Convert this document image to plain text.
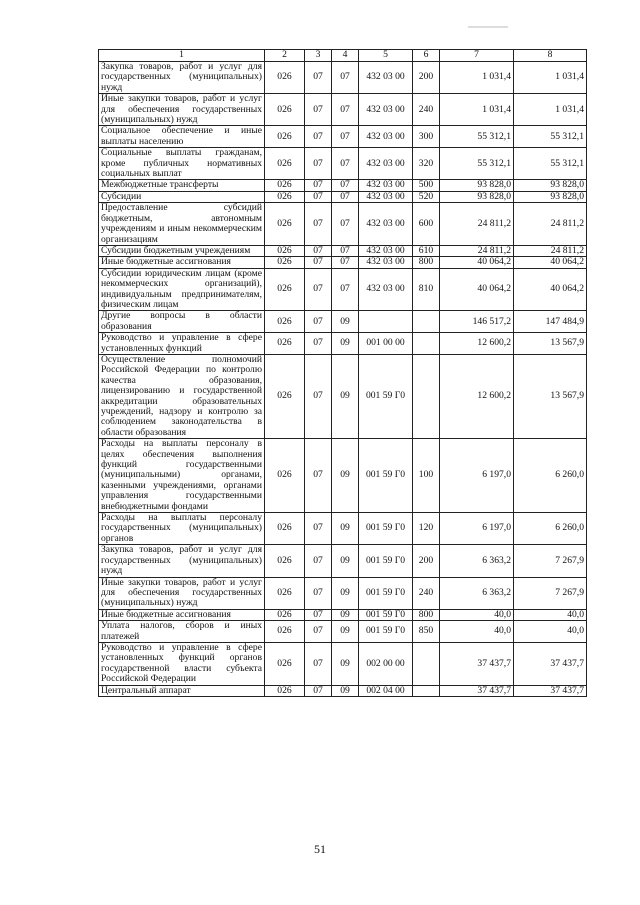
1	2	3	4	5	6	7	8
Закупка товаров, работ и услуг для государственных (муниципальных) нужд	026	07	07	432 03 00	200	1 031,4	1 031,4
Иные закупки товаров, работ и услуг для обеспечения государственных (муниципальных) нужд	026	07	07	432 03 00	240	1 031,4	1 031,4
Социальное обеспечение и иные выплаты населению	026	07	07	432 03 00	300	55 312,1	55 312,1
Социальные выплаты гражданам, кроме публичных нормативных социальных выплат	026	07	07	432 03 00	320	55 312,1	55 312,1
Межбюджетные трансферты	026	07	07	432 03 00	500	93 828,0	93 828,0
Субсидии	026	07	07	432 03 00	520	93 828,0	93 828,0
Предоставление субсидий бюджетным, автономным учреждениям и иным некоммерческим организациям	026	07	07	432 03 00	600	24 811,2	24 811,2
Субсидии бюджетным учреждениям	026	07	07	432 03 00	610	24 811,2	24 811,2
Иные бюджетные ассигнования	026	07	07	432 03 00	800	40 064,2	40 064,2
Субсидии юридическим лицам (кроме некоммерческих организаций), индивидуальным предпринимателям, физическим лицам	026	07	07	432 03 00	810	40 064,2	40 064,2
Другие вопросы в области образования	026	07	09			146 517,2	147 484,9
Руководство и управление в сфере установленных функций	026	07	09	001 00 00		12 600,2	13 567,9
Осуществление полномочий Российской Федерации по контролю качества образования, лицензированию и государственной аккредитации образовательных учреждений, надзору и контролю за соблюдением законодательства в области образования	026	07	09	001 59 Г0		12 600,2	13 567,9
Расходы на выплаты персоналу в целях обеспечения выполнения функций государственными (муниципальными) органами, казенными учреждениями, органами управления государственными внебюджетными фондами	026	07	09	001 59 Г0	100	6 197,0	6 260,0
Расходы на выплаты персоналу государственных (муниципальных) органов	026	07	09	001 59 Г0	120	6 197,0	6 260,0
Закупка товаров, работ и услуг для государственных (муниципальных) нужд	026	07	09	001 59 Г0	200	6 363,2	7 267,9
Иные закупки товаров, работ и услуг для обеспечения государственных (муниципальных) нужд	026	07	09	001 59 Г0	240	6 363,2	7 267,9
Иные бюджетные ассигнования	026	07	09	001 59 Г0	800	40,0	40,0
Уплата налогов, сборов и иных платежей	026	07	09	001 59 Г0	850	40,0	40,0
Руководство и управление в сфере установленных функций органов государственной власти субъекта Российской Федерации	026	07	09	002 00 00		37 437,7	37 437,7
Центральный аппарат	026	07	09	002 04 00		37 437,7	37 437,7
51
